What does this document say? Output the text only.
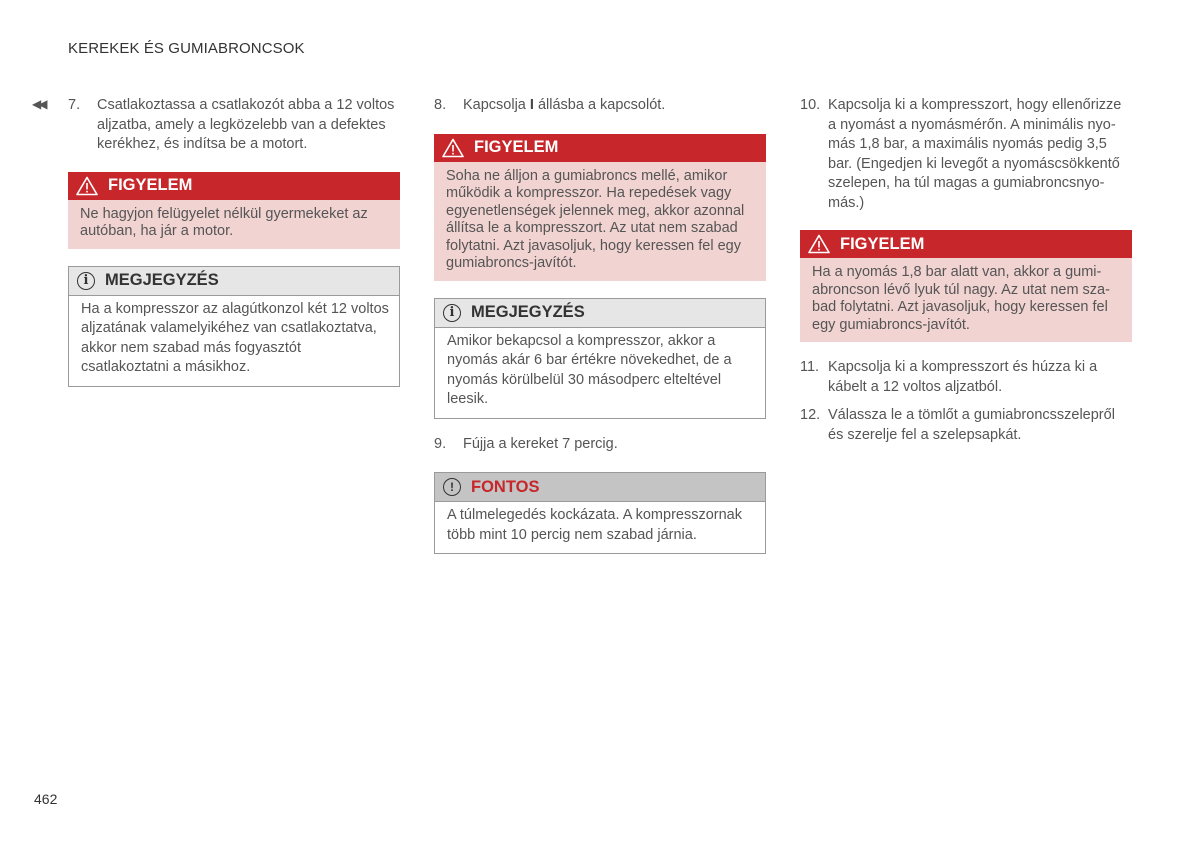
KEREKEK ÉS GUMIABRONCSOK
◀◀ 7.	Csatlakoztassa a csatlakozót abba a 12 voltos aljzatba, amely a legközelebb van a defektes kerékhez, és indítsa be a motort.
FIGYELEM
Ne hagyjon felügyelet nélkül gyermekeket az autóban, ha jár a motor.
i	MEGJEGYZÉS
Ha a kompresszor az alagútkonzol két 12 voltos aljzatának valamelyikéhez van csatlakoztatva, akkor nem szabad más fogyasztót csatlakoztatni a másikhoz.
8.	Kapcsolja I állásba a kapcsolót.
FIGYELEM
Soha ne álljon a gumiabroncs mellé, amikor működik a kompresszor. Ha repedések vagy egyenetlenségek jelennek meg, akkor azonnal állítsa le a kompresszort. Az utat nem szabad folytatni. Azt javasoljuk, hogy keressen fel egy gumiabroncs-javítót.
i	MEGJEGYZÉS
Amikor bekapcsol a kompresszor, akkor a nyomás akár 6 bar értékre növekedhet, de a nyomás körülbelül 30 másodperc elteltével leesik.
9.	Fújja a kereket 7 percig.
!	FONTOS
A túlmelegedés kockázata. A kompresszornak több mint 10 percig nem szabad járnia.
10. Kapcsolja ki a kompresszort, hogy ellenőrizze a nyomást a nyomásmérőn. A minimális nyomás 1,8 bar, a maximális nyomás pedig 3,5 bar. (Engedjen ki levegőt a nyomáscsökkentő szelepen, ha túl magas a gumiabroncsnyomás.)
FIGYELEM
Ha a nyomás 1,8 bar alatt van, akkor a gumiabroncson lévő lyuk túl nagy. Az utat nem szabad folytatni. Azt javasoljuk, hogy keressen fel egy gumiabroncs-javítót.
11. Kapcsolja ki a kompresszort és húzza ki a kábelt a 12 voltos aljzatból.
12. Válassza le a tömlőt a gumiabroncsszelepről és szerelje fel a szelepsapkát.
462
